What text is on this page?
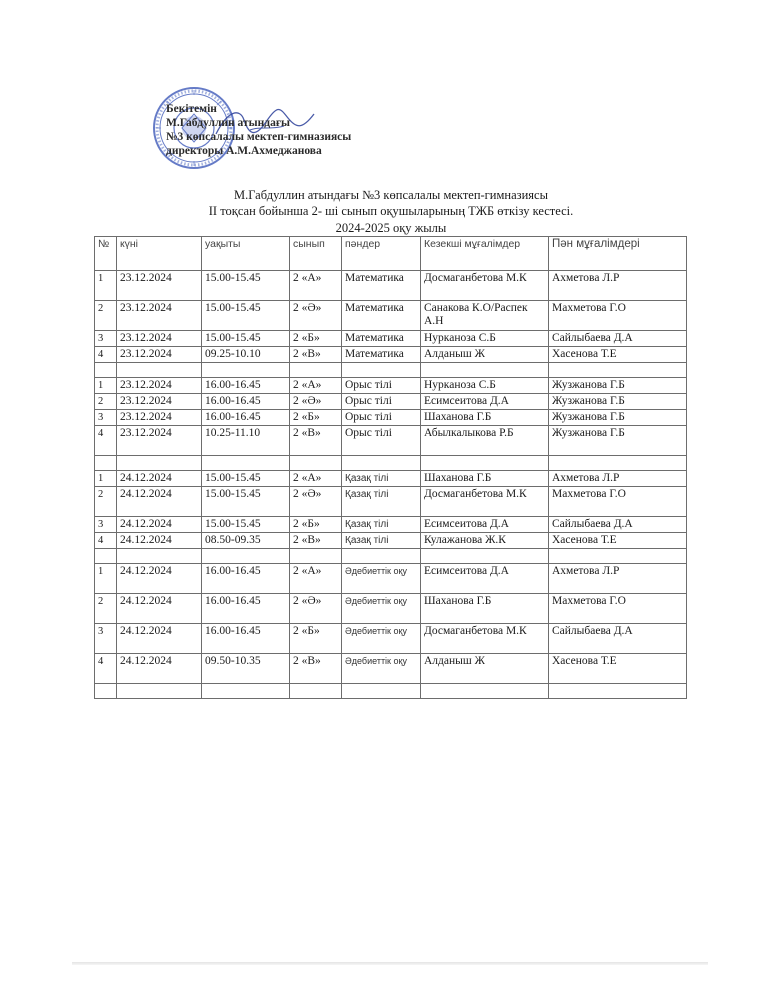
Бекітемін
М.Габдуллин атындағы
№3 көпсалалы мектеп-гимназиясы
директоры А.М.Ахмеджанова
М.Габдуллин атындағы №3 көпсалалы мектеп-гимназиясы
II тоқсан бойынша 2- ші сынып оқушыларының ТЖБ өткізу кестесі.
2024-2025 оқу жылы
№	күні	уақыты	сынып	пәндер	Кезекші мұғалімдер	Пән мұғалімдері
1	23.12.2024	15.00-15.45	2 «А»	Математика	Досмаганбетова М.К	Ахметова Л.Р
2	23.12.2024	15.00-15.45	2 «Ә»	Математика	Санакова К.О/Распек А.Н	Махметова Г.О
3	23.12.2024	15.00-15.45	2 «Б»	Математика	Нурканоза С.Б	Сайлыбаева Д.А
4	23.12.2024	09.25-10.10	2 «В»	Математика	Алданыш Ж	Хасенова Т.Е

1	23.12.2024	16.00-16.45	2 «А»	Орыс тілі	Нурканоза С.Б	Жузжанова Г.Б
2	23.12.2024	16.00-16.45	2 «Ә»	Орыс тілі	Есимсеитова Д.А	Жузжанова Г.Б
3	23.12.2024	16.00-16.45	2 «Б»	Орыс тілі	Шаханова Г.Б	Жузжанова Г.Б
4	23.12.2024	10.25-11.10	2 «В»	Орыс тілі	Абылкалыкова Р.Б	Жузжанова Г.Б

1	24.12.2024	15.00-15.45	2 «А»	Қазақ тілі	Шаханова Г.Б	Ахметова Л.Р
2	24.12.2024	15.00-15.45	2 «Ә»	Қазақ тілі	Досмаганбетова М.К	Махметова Г.О
3	24.12.2024	15.00-15.45	2 «Б»	Қазақ тілі	Есимсеитова Д.А	Сайлыбаева Д.А
4	24.12.2024	08.50-09.35	2 «В»	Қазақ тілі	Кулажанова Ж.К	Хасенова Т.Е

1	24.12.2024	16.00-16.45	2 «А»	Әдебиеттік оқу	Есимсеитова Д.А	Ахметова Л.Р
2	24.12.2024	16.00-16.45	2 «Ә»	Әдебиеттік оқу	Шаханова Г.Б	Махметова Г.О
3	24.12.2024	16.00-16.45	2 «Б»	Әдебиеттік оқу	Досмаганбетова М.К	Сайлыбаева Д.А
4	24.12.2024	09.50-10.35	2 «В»	Әдебиеттік оқу	Алданыш Ж	Хасенова Т.Е
